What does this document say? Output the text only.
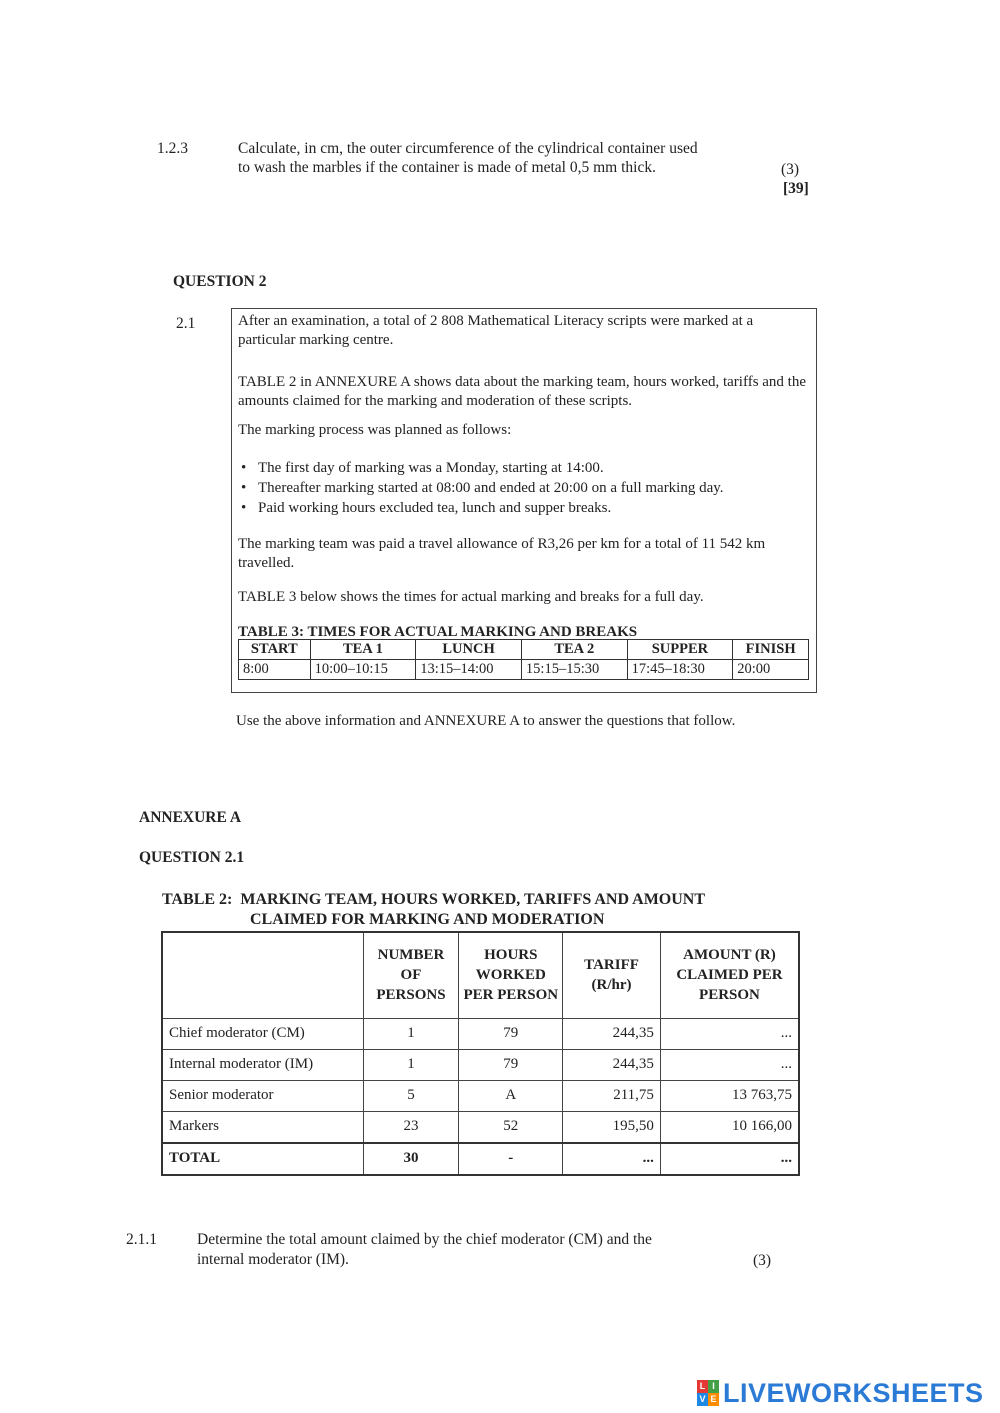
1.2.3	Calculate, in cm, the outer circumference of the cylindrical container used
to wash the marbles if the container is made of metal 0,5 mm thick.	(3)
[39]
QUESTION 2
2.1	After an examination, a total of 2 808 Mathematical Literacy scripts were marked at a particular marking centre.

TABLE 2 in ANNEXURE A shows data about the marking team, hours worked, tariffs and the amounts claimed for the marking and moderation of these scripts.

The marking process was planned as follows:

• The first day of marking was a Monday, starting at 14:00.
• Thereafter marking started at 08:00 and ended at 20:00 on a full marking day.
• Paid working hours excluded tea, lunch and supper breaks.

The marking team was paid a travel allowance of R3,26 per km for a total of 11 542 km travelled.

TABLE 3 below shows the times for actual marking and breaks for a full day.

TABLE 3: TIMES FOR ACTUAL MARKING AND BREAKS

START	TEA 1	LUNCH	TEA 2	SUPPER	FINISH
8:00	10:00–10:15	13:15–14:00	15:15–15:30	17:45–18:30	20:00
Use the above information and ANNEXURE A to answer the questions that follow.
ANNEXURE A
QUESTION 2.1
TABLE 2:  MARKING TEAM, HOURS WORKED, TARIFFS AND AMOUNT
CLAIMED FOR MARKING AND MODERATION
	NUMBER OF PERSONS	HOURS WORKED PER PERSON	TARIFF (R/hr)	AMOUNT (R) CLAIMED PER PERSON
Chief moderator (CM)	1	79	244,35	...
Internal moderator (IM)	1	79	244,35	...
Senior moderator	5	A	211,75	13 763,75
Markers	23	52	195,50	10 166,00
TOTAL	30	-	...	...
2.1.1	Determine the total amount claimed by the chief moderator (CM) and the
internal moderator (IM).	(3)
L I
V E LIVEWORKSHEETS
